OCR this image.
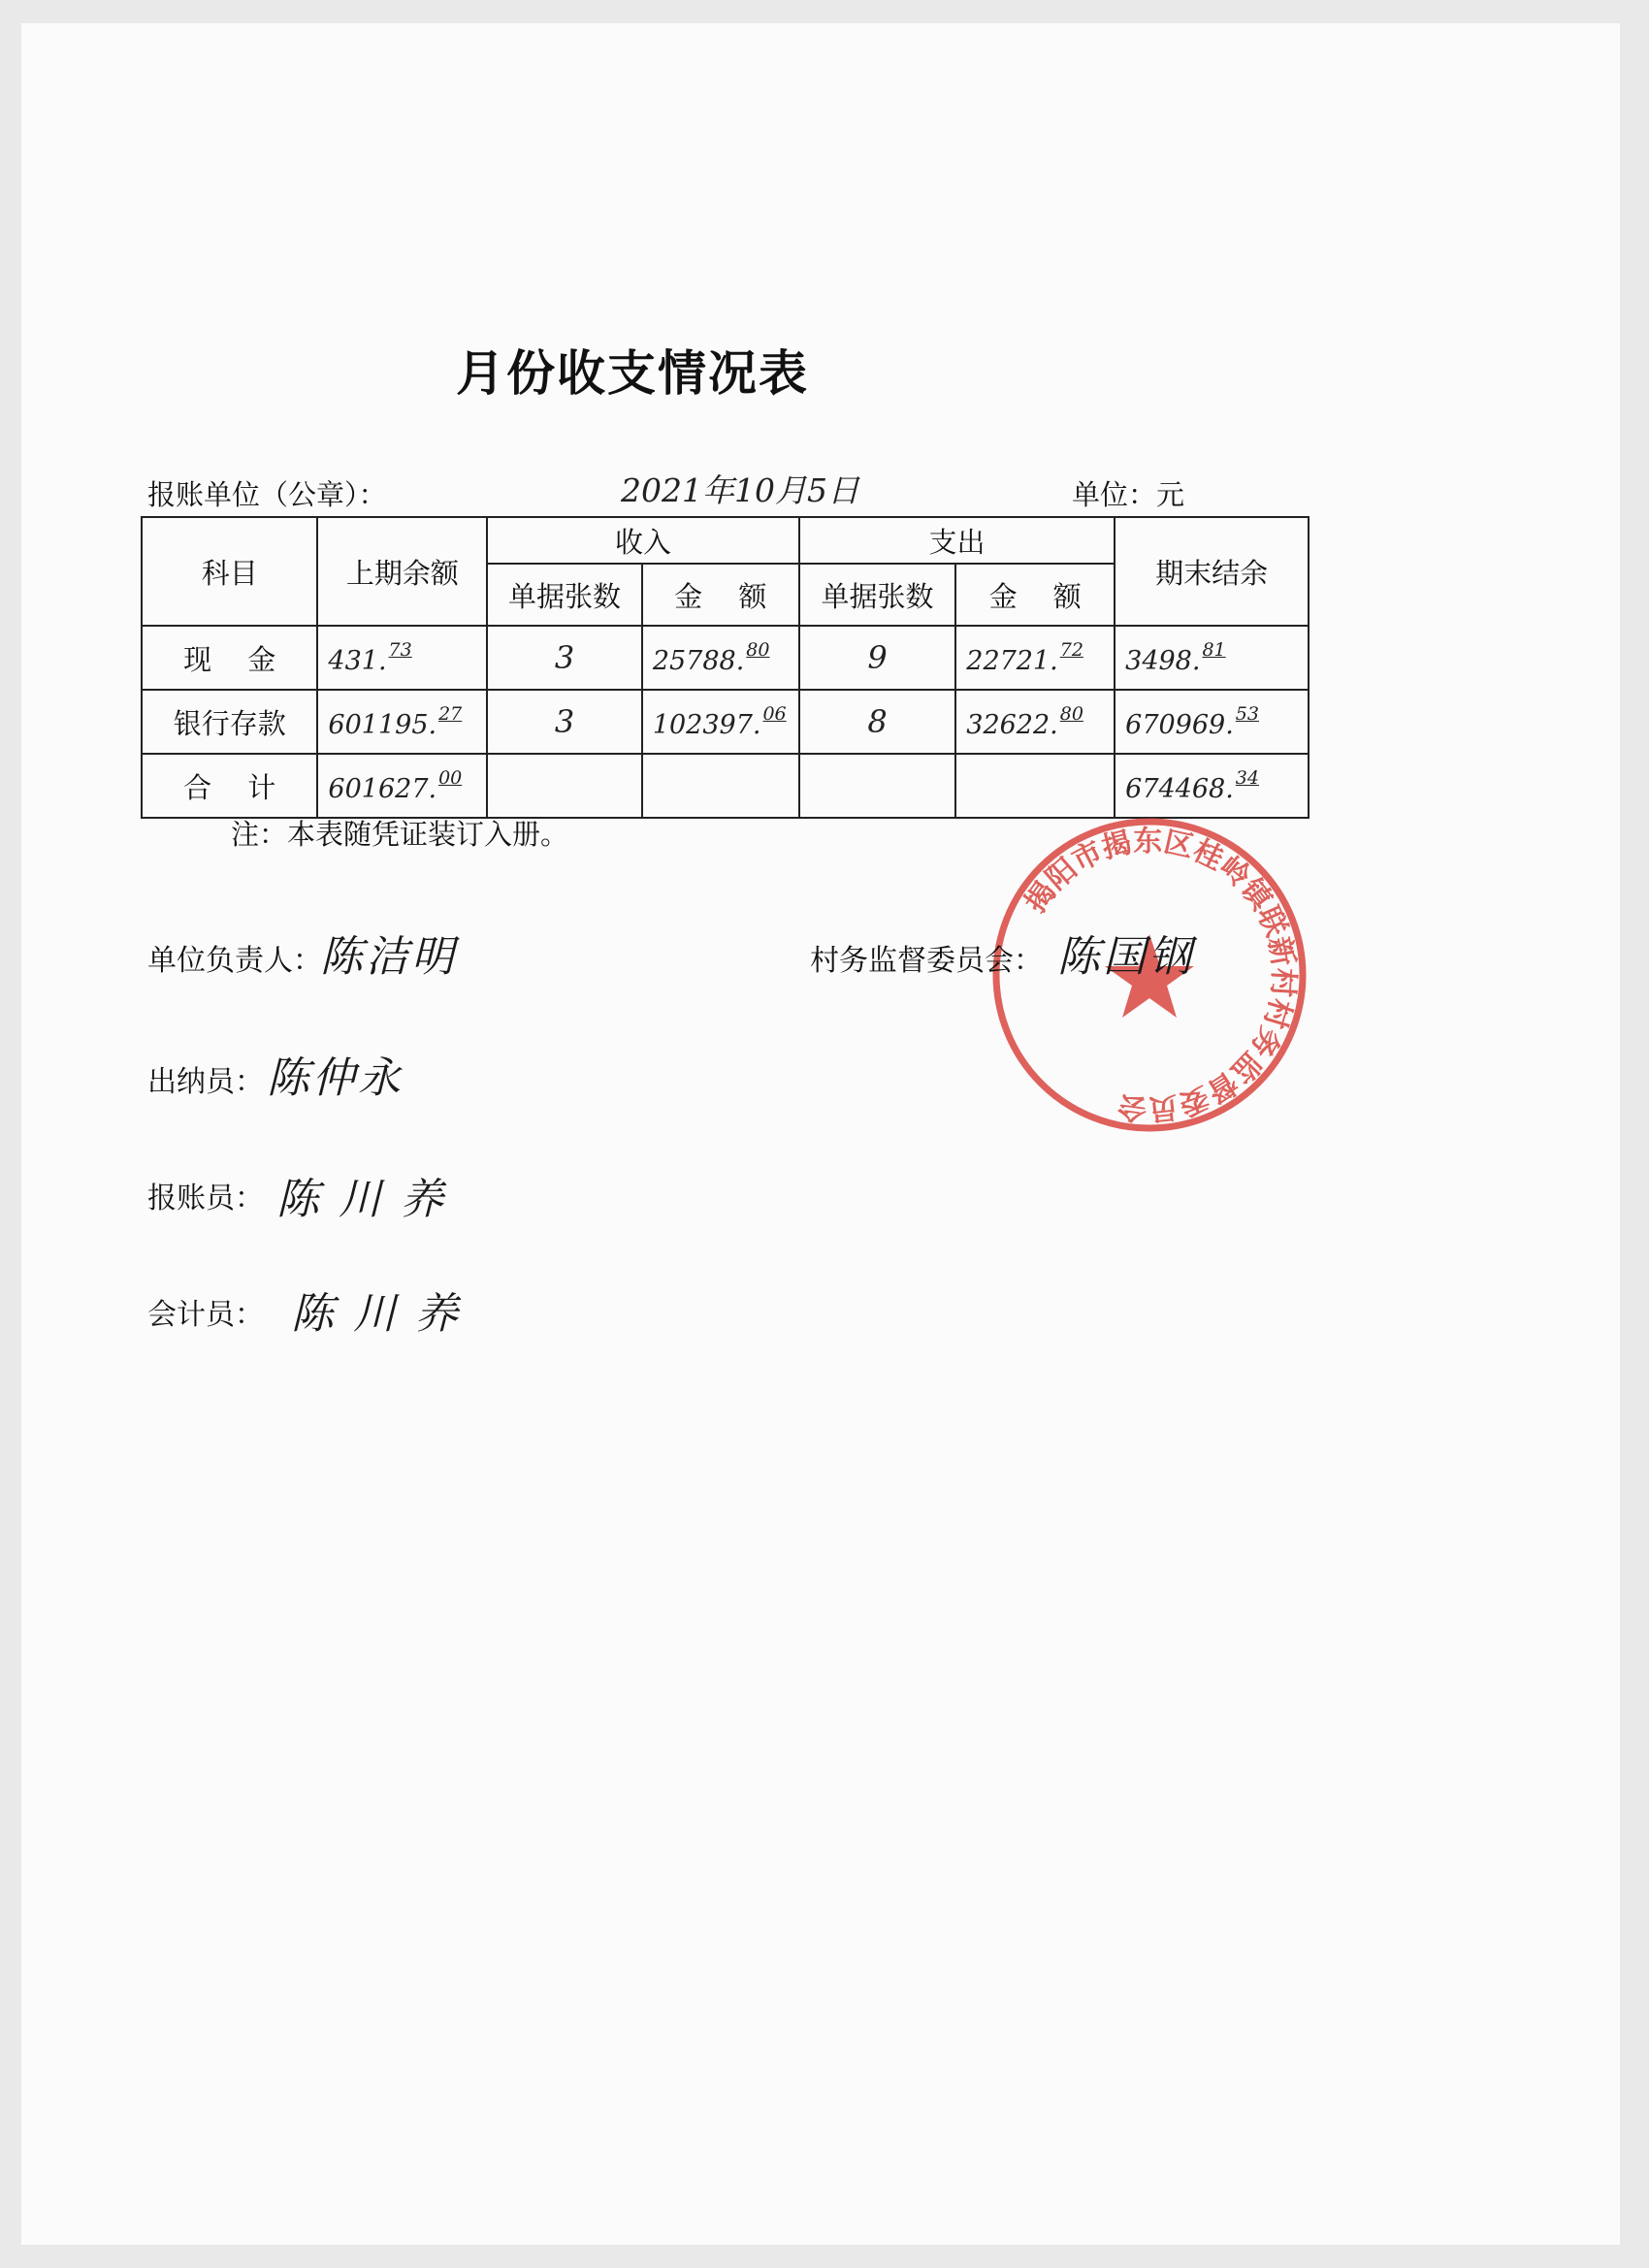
月份收支情况表
报账单位（公章）：	2021年10月5日	单位：元
科目	上期余额	收入		支出		期末结余
		单据张数	金 额	单据张数	金 额	
现 金	431. $^{73}$	3	25788. $^{80}$	9	22721. $^{72}$	3498. $^{81}$
银行存款	601195. $^{27}$	3	102397. $^{06}$	8	32622. $^{80}$	670969. $^{53}$
合 计	601627. $^{00}$					674468. $^{34}$
注：本表随凭证装订入册。
揭阳市揭东区桂岭镇联新村村务监督委员会
单位负责人：
陈洁明	村务监督委员会： 陈国钢
出纳员： 陈仲永
报账员： 陈 川 养
会计员： 陈 川 养
